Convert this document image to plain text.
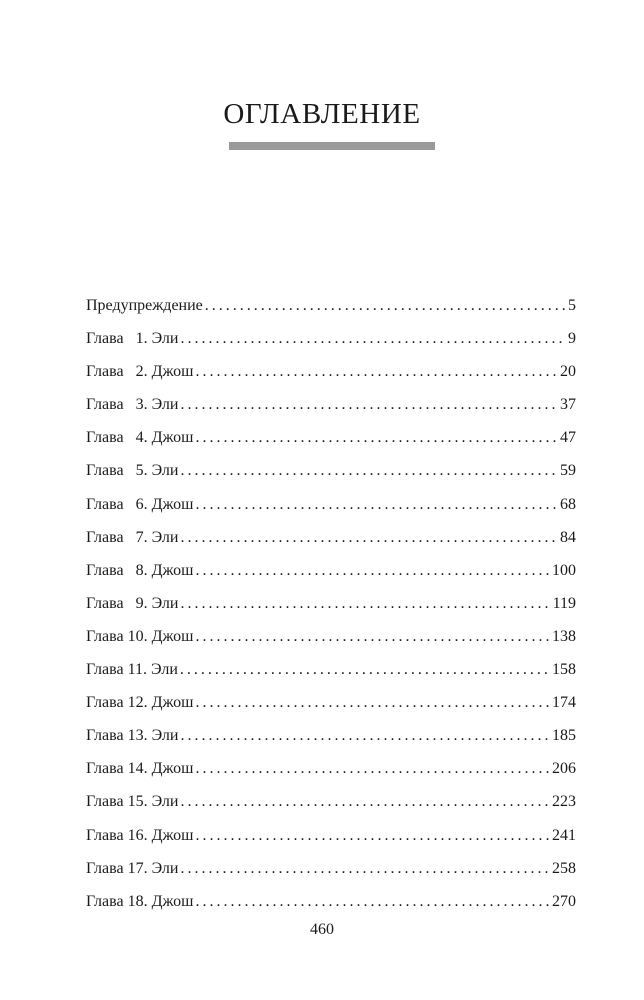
ОГЛАВЛЕНИЕ
Предупреждение . . .	5
Глава   1. Эли . . .	9
Глава   2. Джош . . .	20
Глава   3. Эли . . .	37
Глава   4. Джош . . .	47
Глава   5. Эли . . .	59
Глава   6. Джош . . .	68
Глава   7. Эли . . .	84
Глава   8. Джош . . .	100
Глава   9. Эли . . .	119
Глава 10. Джош . . .	138
Глава 11. Эли . . .	158
Глава 12. Джош . . .	174
Глава 13. Эли . . .	185
Глава 14. Джош . . .	206
Глава 15. Эли . . .	223
Глава 16. Джош . . .	241
Глава 17. Эли . . .	258
Глава 18. Джош . . .	270
460
